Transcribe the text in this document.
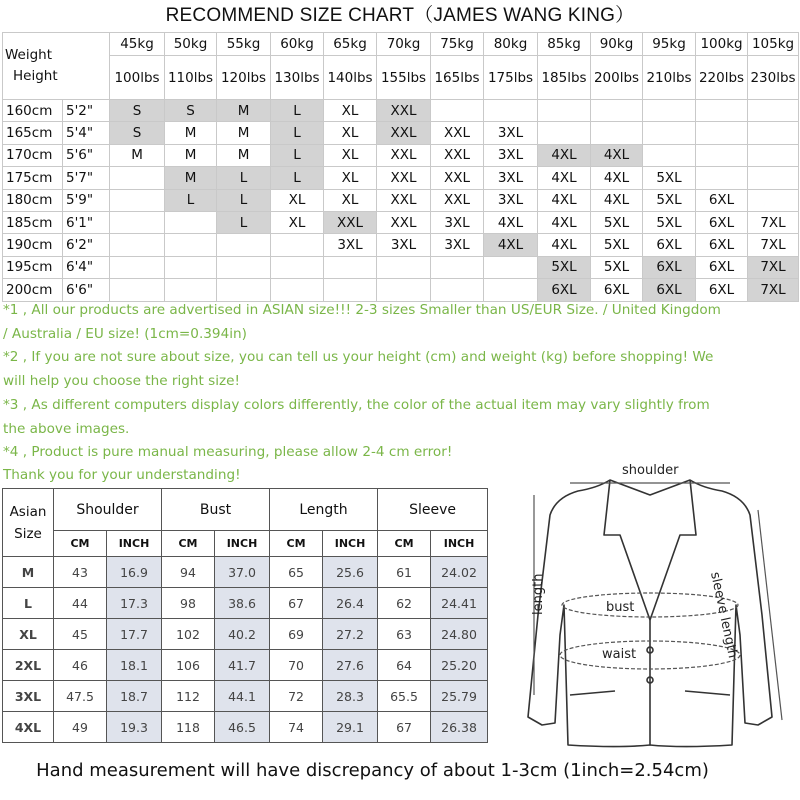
RECOMMEND SIZE CHART（JAMES WANG KING）
Weight
Height		45kg	50kg	55kg	60kg	65kg	70kg	75kg	80kg	85kg	90kg	95kg	100kg	105kg
		100lbs	110lbs	120lbs	130lbs	140lbs	155lbs	165lbs	175lbs	185lbs	200lbs	210lbs	220lbs	230lbs
160cm	5'2"	S	S	M	L	XL	XXL							
165cm	5'4"	S	M	M	L	XL	XXL	XXL	3XL					
170cm	5'6"	M	M	M	L	XL	XXL	XXL	3XL	4XL	4XL			
175cm	5'7"		M	L	L	XL	XXL	XXL	3XL	4XL	4XL	5XL		
180cm	5'9"		L	L	XL	XL	XXL	XXL	3XL	4XL	4XL	5XL	6XL	
185cm	6'1"			L	XL	XXL	XXL	3XL	4XL	4XL	5XL	5XL	6XL	7XL
190cm	6'2"					3XL	3XL	3XL	4XL	4XL	5XL	6XL	6XL	7XL
195cm	6'4"									5XL	5XL	6XL	6XL	7XL
200cm	6'6"									6XL	6XL	6XL	6XL	7XL
*1 , All our products are advertised in ASIAN size!!! 2-3 sizes Smaller than US/EUR Size. / United Kingdom
/ Australia / EU size! (1cm=0.394in)
*2 , If you are not sure about size, you can tell us your height (cm) and weight (kg) before shopping! We
will help you choose the right size!
*3 , As different computers display colors differently, the color of the actual item may vary slightly from
the above images.
*4 , Product is pure manual measuring, please allow 2-4 cm error!
Thank you for your understanding!
Asian
Size	Shoulder		Bust		Length		Sleeve	
	CM	INCH	CM	INCH	CM	INCH	CM	INCH
M	43	16.9	94	37.0	65	25.6	61	24.02
L	44	17.3	98	38.6	67	26.4	62	24.41
XL	45	17.7	102	40.2	69	27.2	63	24.80
2XL	46	18.1	106	41.7	70	27.6	64	25.20
3XL	47.5	18.7	112	44.1	72	28.3	65.5	25.79
4XL	49	19.3	118	46.5	74	29.1	67	26.38
shoulder
length	bust
waist	sleeve length
Hand measurement will have discrepancy of about 1-3cm (1inch=2.54cm)
